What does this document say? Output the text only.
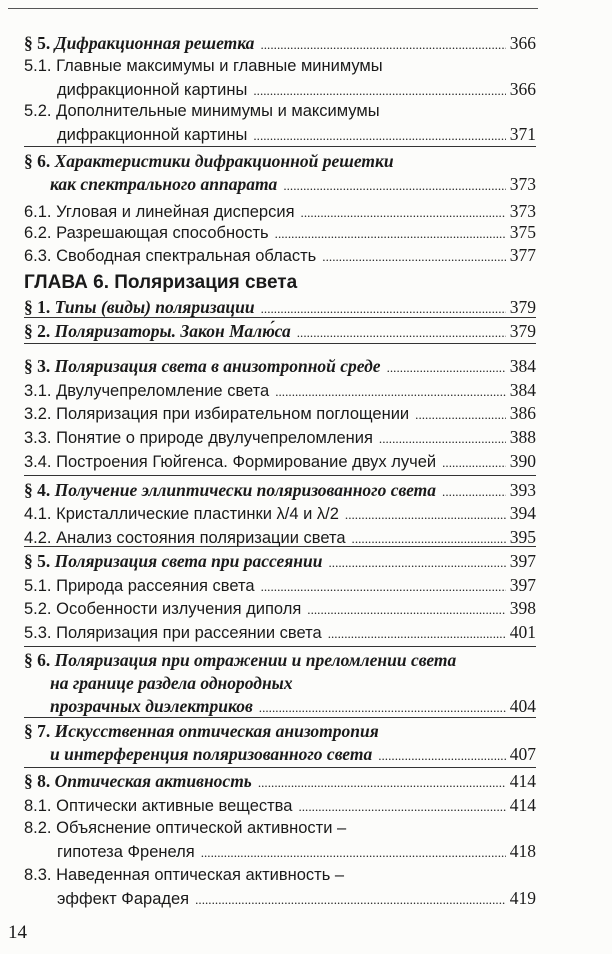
§ 5. Дифракционная решетка . . .	366
5.1. Главные максимумы и главные минимумы
дифракционной картины . . .	366
5.2. Дополнительные минимумы и максимумы
дифракционной картины . . .	371
§ 6. Характеристики дифракционной решетки
как спектрального аппарата . . .	373
6.1. Угловая и линейная дисперсия . . .	373
6.2. Разрешающая способность . . .	375
6.3. Свободная спектральная область . . .	377
§ 1. Типы (виды) поляризации . . .	379
§ 2. Поляризаторы. Закон Малю́са . . .	379
§ 3. Поляризация света в анизотропной среде . . .	384
3.1. Двулучепреломление света . . .	384
3.2. Поляризация при избирательном поглощении . . .	386
3.3. Понятие о природе двулучепреломления . . .	388
3.4. Построения Гюйгенса. Формирование двух лучей . . .	390
§ 4. Получение эллиптически поляризованного света . . .	393
4.1. Кристаллические пластинки λ/4 и λ/2 . . .	394
4.2. Анализ состояния поляризации света . . .	395
§ 5. Поляризация света при рассеянии . . .	397
5.1. Природа рассеяния света . . .	397
5.2. Особенности излучения диполя . . .	398
5.3. Поляризация при рассеянии света . . .	401
§ 6. Поляризация при отражении и преломлении света
на границе раздела однородных
прозрачных диэлектриков . . .	404
§ 7. Искусственная оптическая анизотропия
и интерференция поляризованного света . . .	407
§ 8. Оптическая активность . . .	414
8.1. Оптически активные вещества . . .	414
8.2. Объяснение оптической активности –
гипотеза Френеля . . .	418
8.3. Наведенная оптическая активность –
эффект Фарадея . . .	419
ГЛАВА 6. Поляризация света
14
